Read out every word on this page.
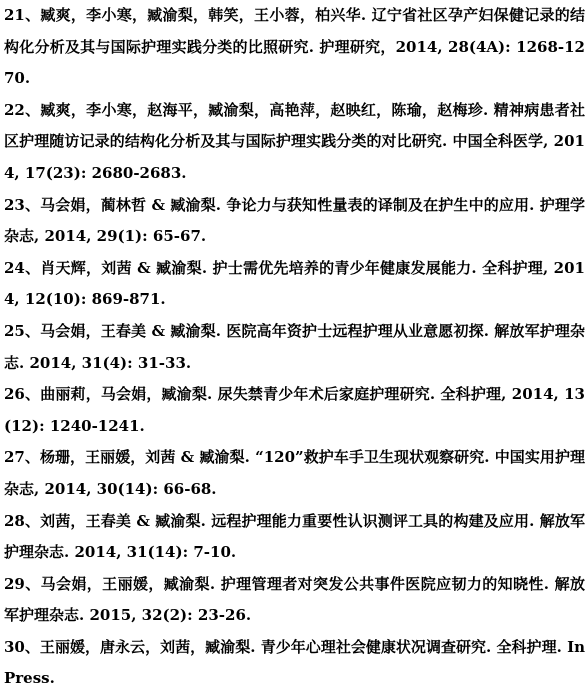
21、臧爽，李小寒，臧渝梨，韩笑，王小蓉，柏兴华. 辽宁省社区孕产妇保健记录的结构化分析及其与国际护理实践分类的比照研究. 护理研究，2014, 28(4A): 1268-1270.

22、臧爽，李小寒，赵海平，臧渝梨，高艳萍，赵映红，陈瑜，赵梅珍. 精神病患者社区护理随访记录的结构化分析及其与国际护理实践分类的对比研究. 中国全科医学, 2014, 17(23): 2680-2683.

23、马会娟，蔺林哲 & 臧渝梨. 争论力与获知性量表的译制及在护生中的应用. 护理学杂志, 2014, 29(1): 65-67.

24、肖天辉，刘茜 & 臧渝梨. 护士需优先培养的青少年健康发展能力. 全科护理, 2014, 12(10): 869-871.

25、马会娟，王春美 & 臧渝梨. 医院高年资护士远程护理从业意愿初探. 解放军护理杂志. 2014, 31(4): 31-33.

26、曲丽莉，马会娟，臧渝梨. 尿失禁青少年术后家庭护理研究. 全科护理, 2014, 13(12): 1240-1241.

27、杨珊，王丽媛，刘茜 & 臧渝梨. “120”救护车手卫生现状观察研究. 中国实用护理杂志, 2014, 30(14): 66-68.

28、刘茜，王春美 & 臧渝梨. 远程护理能力重要性认识测评工具的构建及应用. 解放军护理杂志. 2014, 31(14): 7-10.

29、马会娟，王丽媛，臧渝梨. 护理管理者对突发公共事件医院应韧力的知晓性. 解放军护理杂志. 2015, 32(2): 23-26.

30、王丽媛，唐永云，刘茜，臧渝梨. 青少年心理社会健康状况调查研究. 全科护理. In Press.
